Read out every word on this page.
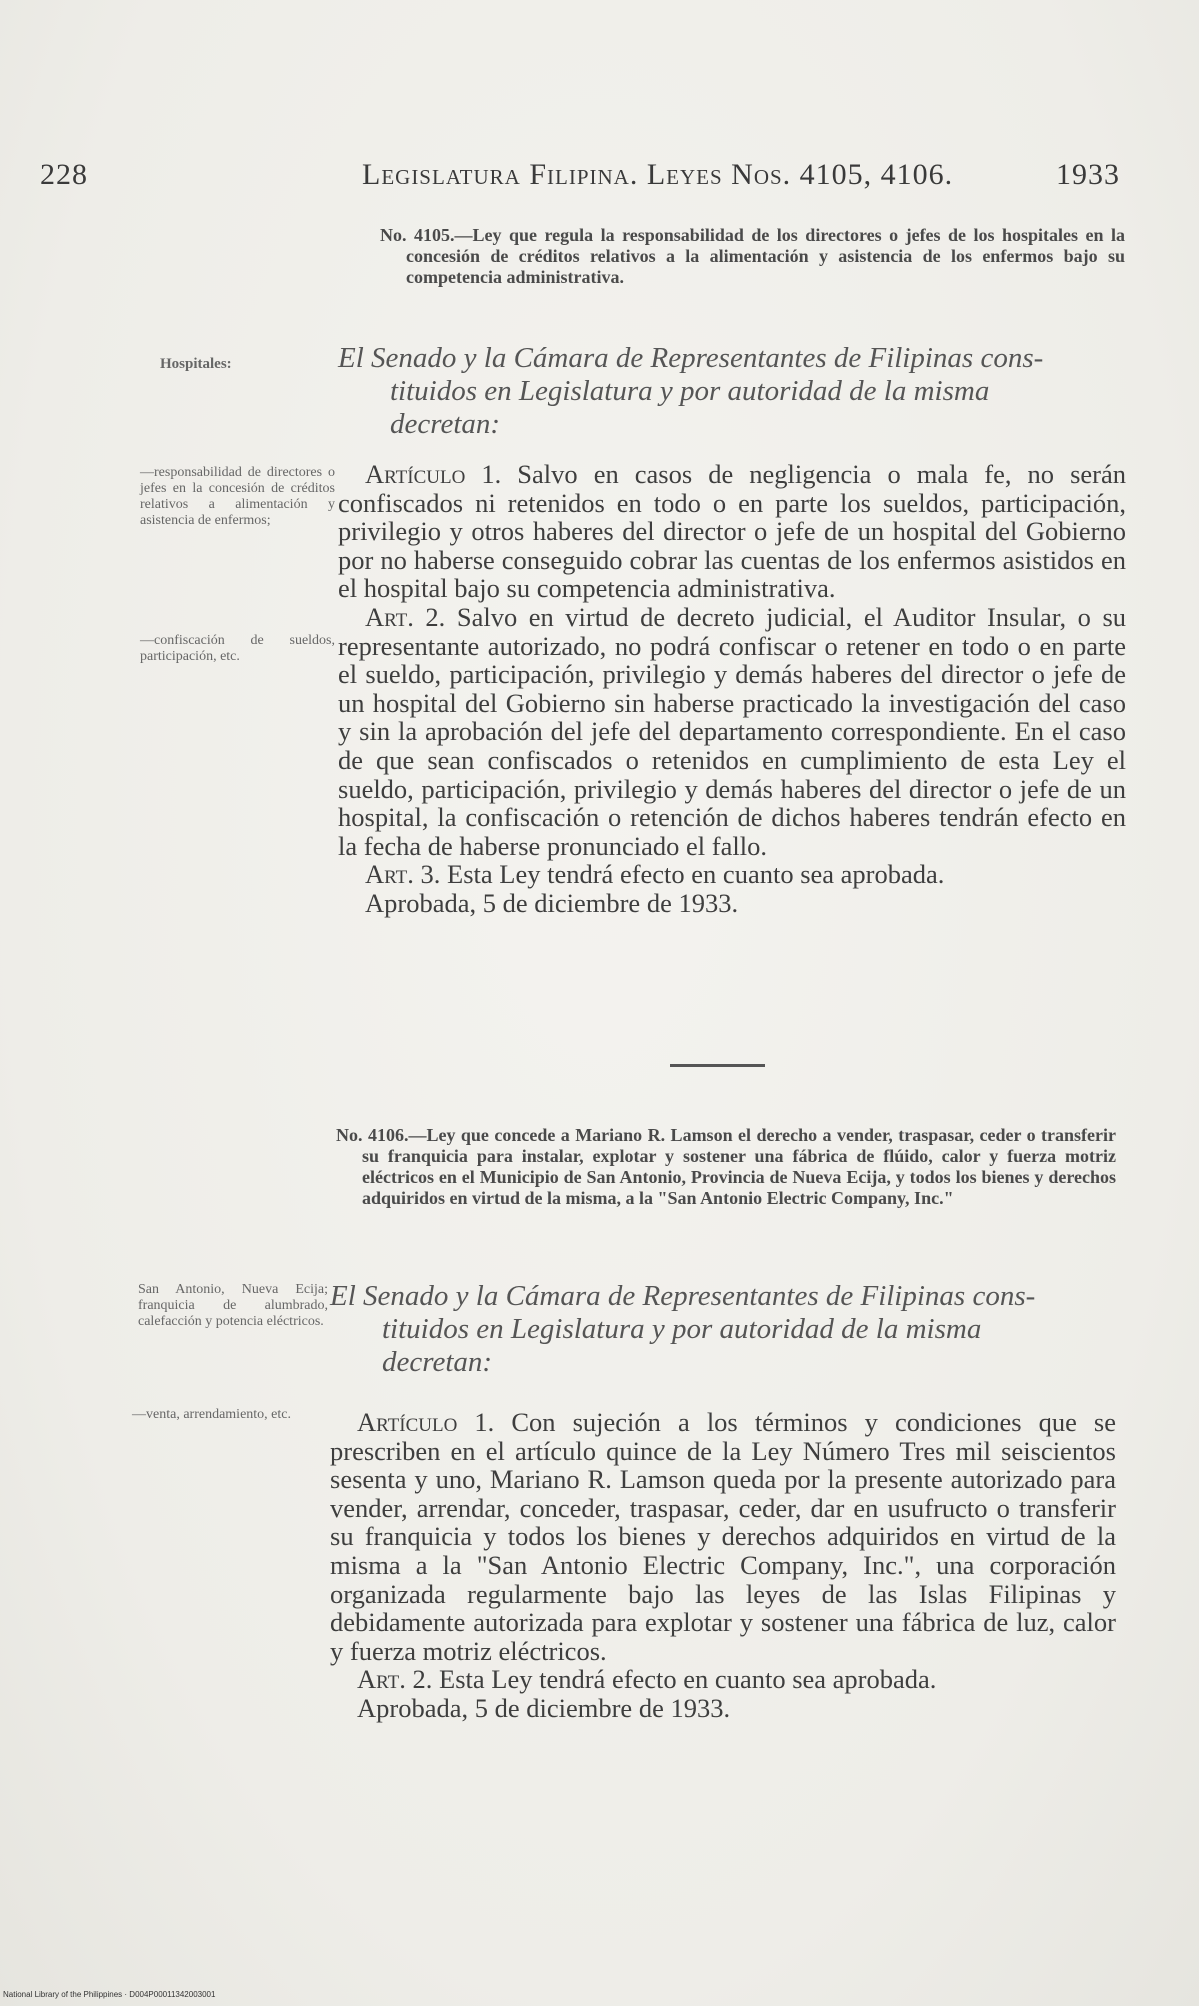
228	Legislatura Filipina. Leyes Nos. 4105, 4106.	1933
No. 4105.—Ley que regula la responsabilidad de los directores o jefes de los hospitales en la concesión de créditos relativos a la alimentación y asistencia de los enfermos bajo su competencia administrativa.
Hospitales:	El Senado y la Cámara de Representantes de Filipinas cons-
tituidos en Legislatura y por autoridad de la misma
decretan:
—responsabilidad de directores o jefes en la concesión de créditos relativos a alimentación y asistencia de enfermos;

Artículo 1. Salvo en casos de negligencia o mala fe, no serán confiscados ni retenidos en todo o en parte los sueldos, participación, privilegio y otros haberes del director o jefe de un hospital del Gobierno por no haberse conseguido cobrar las cuentas de los enfermos asistidos en el hospital bajo su competencia administrativa.

Art. 2. Salvo en virtud de decreto judicial, el Auditor Insular, o su representante autorizado, no podrá confiscar o retener en todo o en parte el sueldo, participación, privilegio y demás haberes del director o jefe de un hospital del Gobierno sin haberse practicado la investigación del caso y sin la aprobación del jefe del departamento correspondiente. En el caso de que sean confiscados o retenidos en cumplimiento de esta Ley el sueldo, participación, privilegio y demás haberes del director o jefe de un hospital, la confiscación o retención de dichos haberes tendrán efecto en la fecha de haberse pronunciado el fallo.

Art. 3. Esta Ley tendrá efecto en cuanto sea aprobada.

Aprobada, 5 de diciembre de 1933.

—confiscación de sueldos, participación, etc.
No. 4106.—Ley que concede a Mariano R. Lamson el derecho a vender, traspasar, ceder o transferir su franquicia para instalar, explotar y sostener una fábrica de flúido, calor y fuerza motriz eléctricos en el Municipio de San Antonio, Provincia de Nueva Ecija, y todos los bienes y derechos adquiridos en virtud de la misma, a la "San Antonio Electric Company, Inc."
San Antonio, Nueva Ecija; franquicia de alumbrado, calefacción y potencia eléctricos.
El Senado y la Cámara de Representantes de Filipinas cons-
tituidos en Legislatura y por autoridad de la misma
decretan:
—venta, arrendamiento, etc.	Artículo 1. Con sujeción a los términos y condiciones que se prescriben en el artículo quince de la Ley Número Tres mil seiscientos sesenta y uno, Mariano R. Lamson queda por la presente autorizado para vender, arrendar, conceder, traspasar, ceder, dar en usufructo o transferir su franquicia y todos los bienes y derechos adquiridos en virtud de la misma a la "San Antonio Electric Company, Inc.", una corporación organizada regularmente bajo las leyes de las Islas Filipinas y debidamente autorizada para explotar y sostener una fábrica de luz, calor y fuerza motriz eléctricos.

Art. 2. Esta Ley tendrá efecto en cuanto sea aprobada.

Aprobada, 5 de diciembre de 1933.

National Library of the Philippines · D004P00011342003001
